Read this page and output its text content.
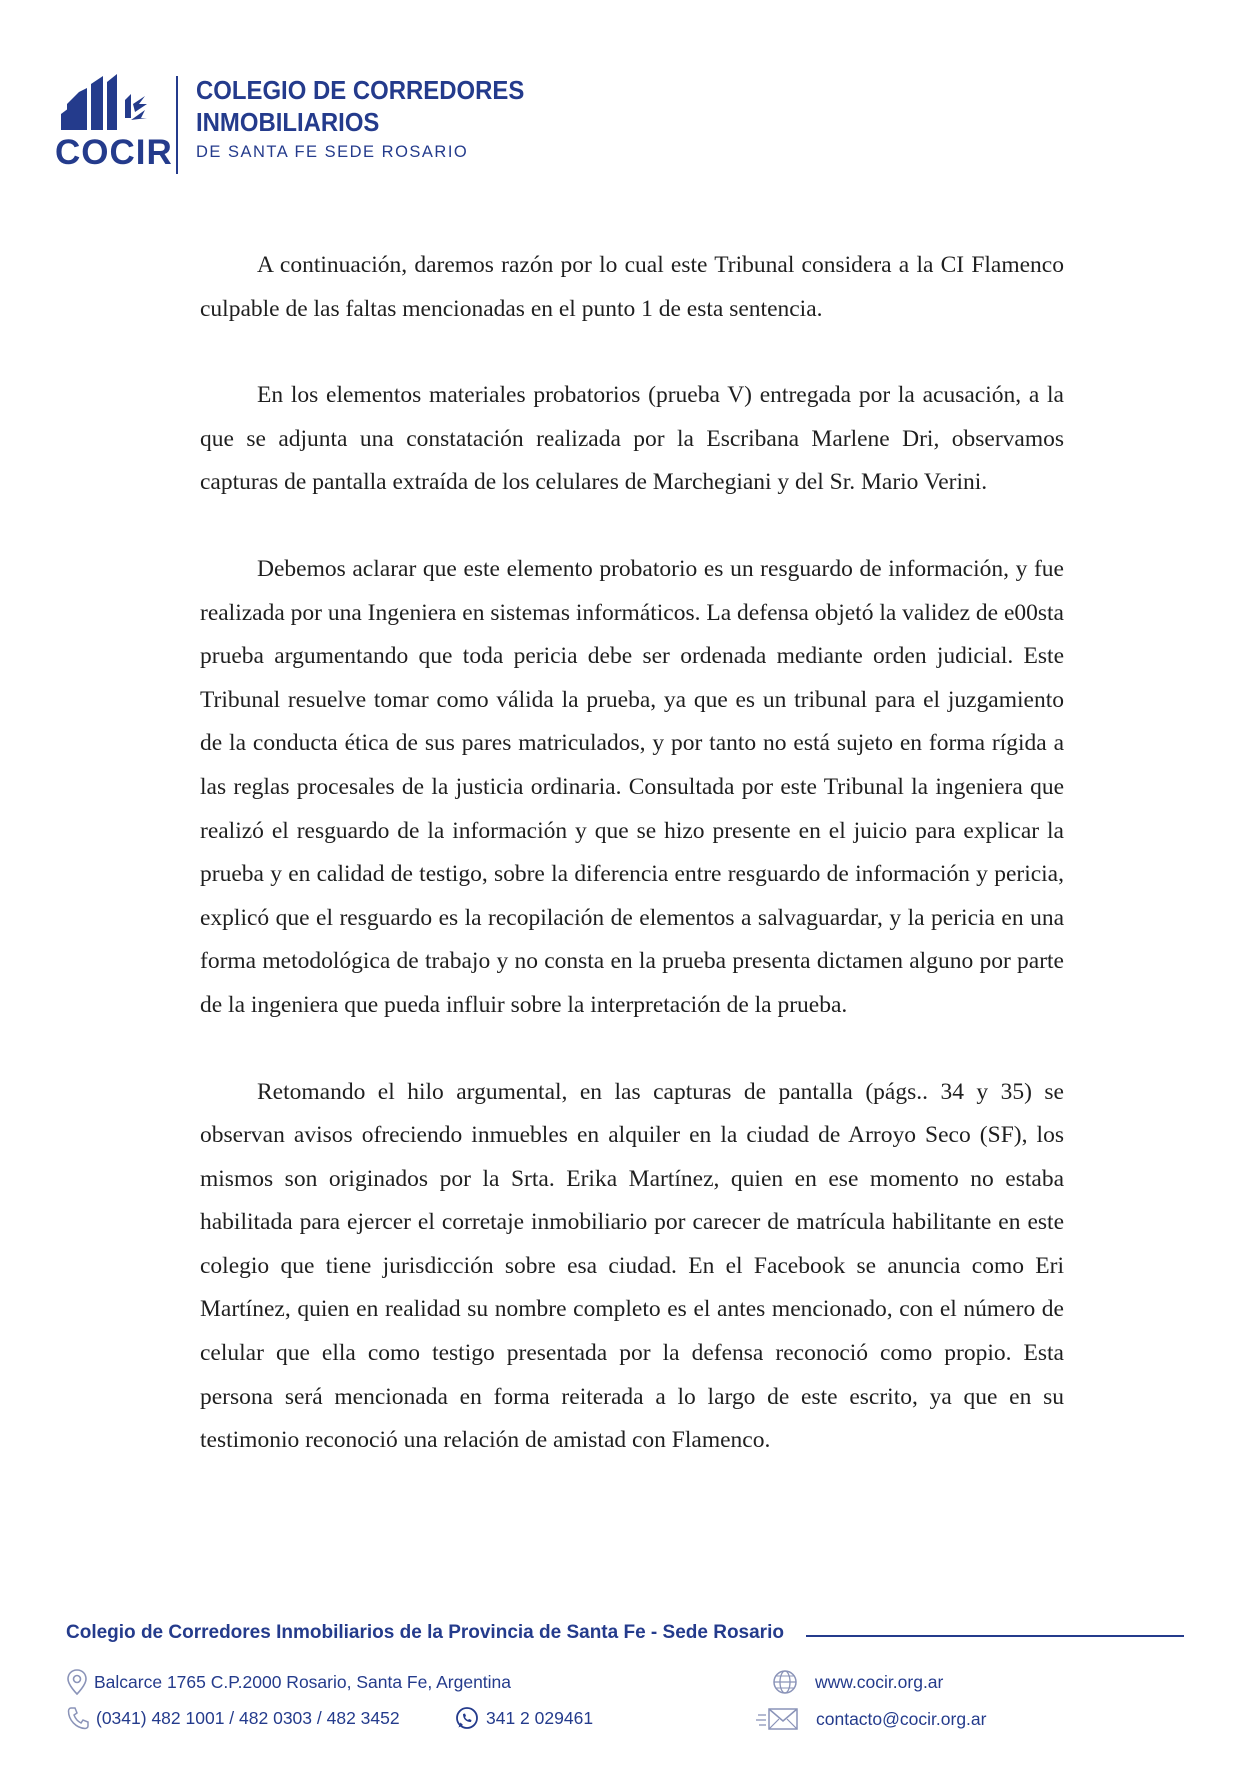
COCIR
COLEGIO DE CORREDORES
INMOBILIARIOS
DE SANTA FE SEDE ROSARIO

A continuación, daremos razón por lo cual este Tribunal considera a la CI Flamenco culpable de las faltas mencionadas en el punto 1 de esta sentencia.

En los elementos materiales probatorios (prueba V) entregada por la acusación, a la que se adjunta una constatación realizada por la Escribana Marlene Dri, observamos capturas de pantalla extraída de los celulares de Marchegiani y del Sr. Mario Verini.

Debemos aclarar que este elemento probatorio es un resguardo de información, y fue realizada por una Ingeniera en sistemas informáticos. La defensa objetó la validez de e00sta prueba argumentando que toda pericia debe ser ordenada mediante orden judicial. Este Tribunal resuelve tomar como válida la prueba, ya que es un tribunal para el juzgamiento de la conducta ética de sus pares matriculados, y por tanto no está sujeto en forma rígida a las reglas procesales de la justicia ordinaria. Consultada por este Tribunal la ingeniera que realizó el resguardo de la información y que se hizo presente en el juicio para explicar la prueba y en calidad de testigo, sobre la diferencia entre resguardo de información y pericia, explicó que el resguardo es la recopilación de elementos a salvaguardar, y la pericia en una forma metodológica de trabajo y no consta en la prueba presenta dictamen alguno por parte de la ingeniera que pueda influir sobre la interpretación de la prueba.

Retomando el hilo argumental, en las capturas de pantalla (págs.. 34 y 35) se observan avisos ofreciendo inmuebles en alquiler en la ciudad de Arroyo Seco (SF), los mismos son originados por la Srta. Erika Martínez, quien en ese momento no estaba habilitada para ejercer el corretaje inmobiliario por carecer de matrícula habilitante en este colegio que tiene jurisdicción sobre esa ciudad. En el Facebook se anuncia como Eri Martínez, quien en realidad su nombre completo es el antes mencionado, con el número de celular que ella como testigo presentada por la defensa reconoció como propio. Esta persona será mencionada en forma reiterada a lo largo de este escrito, ya que en su testimonio reconoció una relación de amistad con Flamenco.

Colegio de Corredores Inmobiliarios de la Provincia de Santa Fe - Sede Rosario
Balcarce 1765 C.P.2000 Rosario, Santa Fe, Argentina
(0341) 482 1001 / 482 0303 / 482 3452	341 2 029461
www.cocir.org.ar
contacto@cocir.org.ar
